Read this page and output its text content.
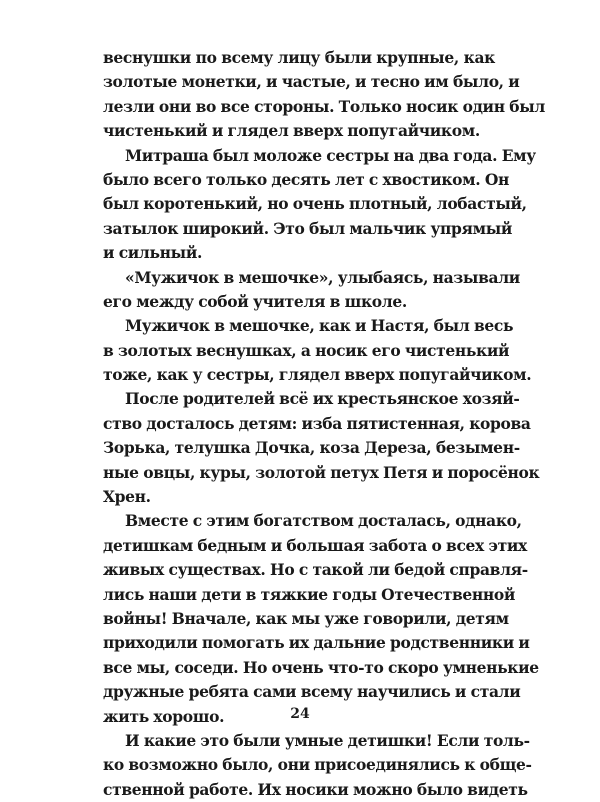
веснушки по всему лицу были крупные, как
золотые монетки, и частые, и тесно им было, и
лезли они во все стороны. Только носик один был
чистенький и глядел вверх попугайчиком.
Митраша был моложе сестры на два года. Ему
было всего только десять лет с хвостиком. Он
был коротенький, но очень плотный, лобастый,
затылок широкий. Это был мальчик упрямый
и сильный.
«Мужичок в мешочке», улыбаясь, называли
его между собой учителя в школе.
Мужичок в мешочке, как и Настя, был весь
в золотых веснушках, а носик его чистенький
тоже, как у сестры, глядел вверх попугайчиком.
После родителей всё их крестьянское хозяй-
ство досталось детям: изба пятистенная, корова
Зорька, телушка Дочка, коза Дереза, безымен-
ные овцы, куры, золотой петух Петя и поросёнок
Хрен.
Вместе с этим богатством досталась, однако,
детишкам бедным и большая забота о всех этих
живых существах. Но с такой ли бедой справля-
лись наши дети в тяжкие годы Отечественной
войны! Вначале, как мы уже говорили, детям
приходили помогать их дальние родственники и
все мы, соседи. Но очень что-то скоро умненькие
дружные ребята сами всему научились и стали
жить хорошо.
И какие это были умные детишки! Если толь-
ко возможно было, они присоединялись к обще-
ственной работе. Их носики можно было видеть
24
